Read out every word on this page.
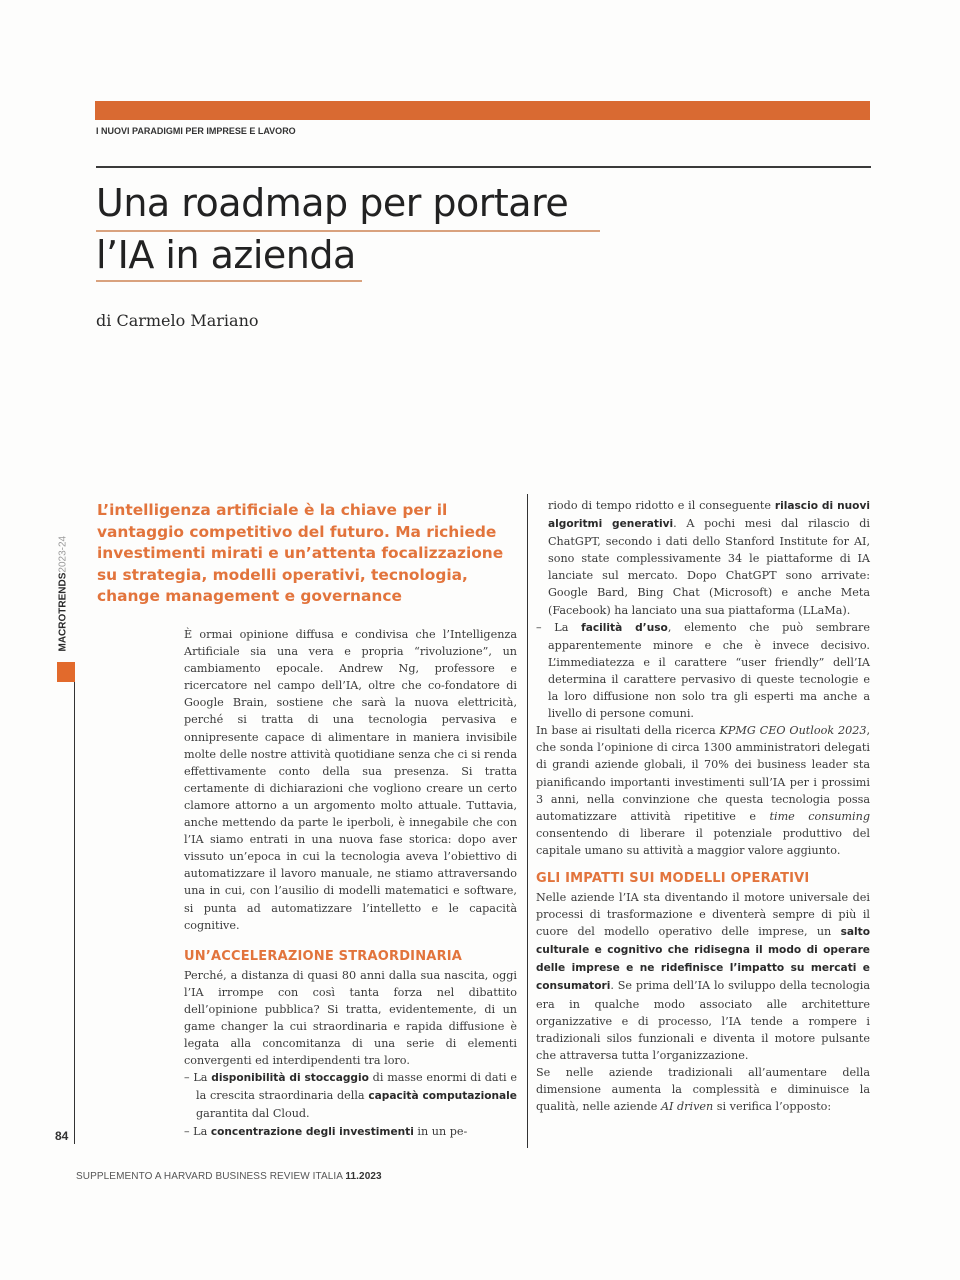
I NUOVI PARADIGMI PER IMPRESE E LAVORO
Una roadmap per portare
l’IA in azienda
di Carmelo Mariano
MACROTRENDS2023-24
L’intelligenza artificiale è la chiave per il vantaggio competitivo del futuro. Ma richiede investimenti mirati e un’attenta focalizzazione su strategia, modelli operativi, tecnologia, change management e governance

È ormai opinione diffusa e condivisa che l’Intelligenza Artificiale sia una vera e propria “rivoluzione”, un cambiamento epocale. Andrew Ng, professore e ricercatore nel campo dell’IA, oltre che co-fondatore di Google Brain, sostiene che sarà la nuova elettricità, perché si tratta di una tecnologia pervasiva e onnipresente capace di alimentare in maniera invisibile molte delle nostre attività quotidiane senza che ci si renda effettivamente conto della sua presenza. Si tratta certamente di dichiarazioni che vogliono creare un certo clamore attorno a un argomento molto attuale. Tuttavia, anche mettendo da parte le iperboli, è innegabile che con l’IA siamo entrati in una nuova fase storica: dopo aver vissuto un’epoca in cui la tecnologia aveva l’obiettivo di automatizzare il lavoro manuale, ne stiamo attraversando una in cui, con l’ausilio di modelli matematici e software, si punta ad automatizzare l’intelletto e le capacità cognitive.

UN’ACCELERAZIONE STRAORDINARIA

Perché, a distanza di quasi 80 anni dalla sua nascita, oggi l’IA irrompe con così tanta forza nel dibattito dell’opinione pubblica? Si tratta, evidentemente, di un game changer la cui straordinaria e rapida diffusione è legata alla concomitanza di una serie di elementi convergenti ed interdipendenti tra loro.

– La disponibilità di stoccaggio di masse enormi di dati e la crescita straordinaria della capacità computazionale garantita dal Cloud.

– La concentrazione degli investimenti in un pe-

riodo di tempo ridotto e il conseguente rilascio di nuovi algoritmi generativi. A pochi mesi dal rilascio di ChatGPT, secondo i dati dello Stanford Institute for AI, sono state complessivamente 34 le piattaforme di IA lanciate sul mercato. Dopo ChatGPT sono arrivate: Google Bard, Bing Chat (Microsoft) e anche Meta (Facebook) ha lanciato una sua piattaforma (LLaMa).

– La facilità d’uso, elemento che può sembrare apparentemente minore e che è invece decisivo. L’immediatezza e il carattere “user friendly” dell’IA determina il carattere pervasivo di queste tecnologie e la loro diffusione non solo tra gli esperti ma anche a livello di persone comuni.

In base ai risultati della ricerca KPMG CEO Outlook 2023, che sonda l’opinione di circa 1300 amministratori delegati di grandi aziende globali, il 70% dei business leader sta pianificando importanti investimenti sull’IA per i prossimi 3 anni, nella convinzione che questa tecnologia possa automatizzare attività ripetitive e time consuming consentendo di liberare il potenziale produttivo del capitale umano su attività a maggior valore aggiunto.

GLI IMPATTI SUI MODELLI OPERATIVI

Nelle aziende l’IA sta diventando il motore universale dei processi di trasformazione e diventerà sempre di più il cuore del modello operativo delle imprese, un salto culturale e cognitivo che ridisegna il modo di operare delle imprese e ne ridefinisce l’impatto su mercati e consumatori. Se prima dell’IA lo sviluppo della tecnologia era in qualche modo associato alle architetture organizzative e di processo, l’IA tende a rompere i tradizionali silos funzionali e diventa il motore pulsante che attraversa tutta l’organizzazione.

Se nelle aziende tradizionali all’aumentare della dimensione aumenta la complessità e diminuisce la qualità, nelle aziende AI driven si verifica l’opposto:

84
SUPPLEMENTO A HARVARD BUSINESS REVIEW ITALIA 11.2023
